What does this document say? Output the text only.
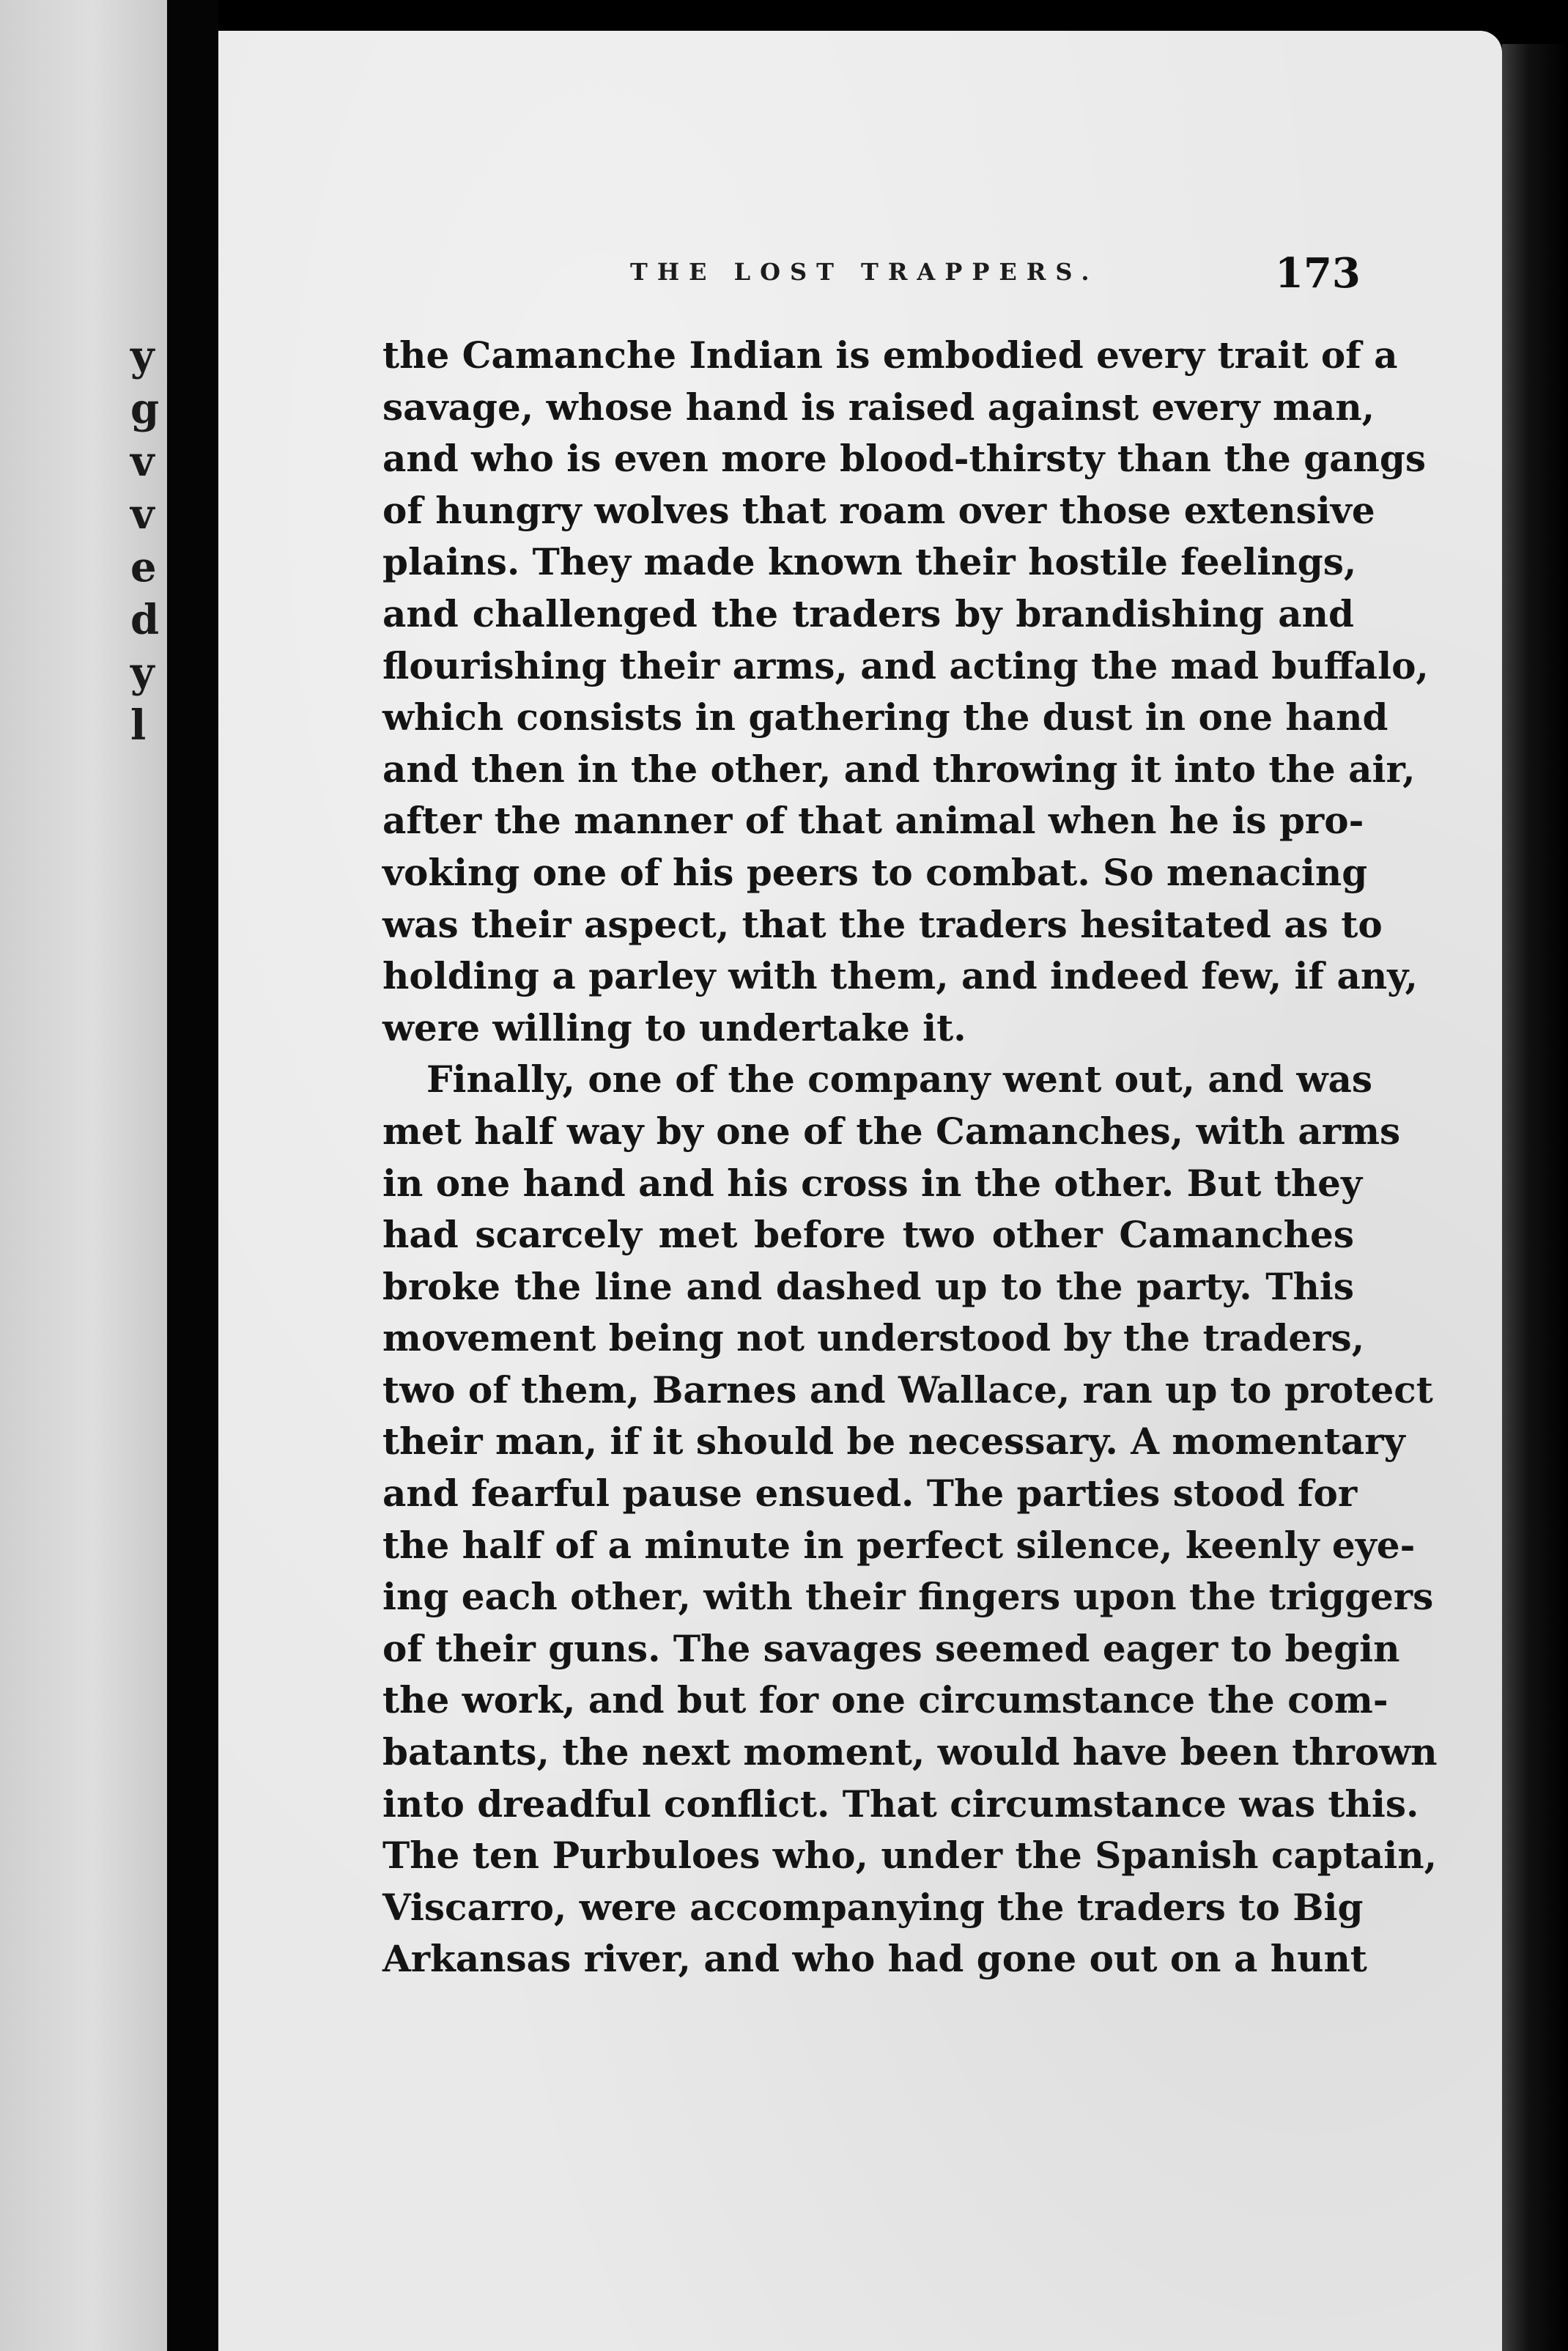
y
g
v
v
e
d
y
l
THE LOST TRAPPERS.	173
the Camanche Indian is embodied every trait of a
savage, whose hand is raised against every man,
and who is even more blood-thirsty than the gangs
of hungry wolves that roam over those extensive
plains. They made known their hostile feelings,
and challenged the traders by brandishing and
flourishing their arms, and acting the mad buffalo,
which consists in gathering the dust in one hand
and then in the other, and throwing it into the air,
after the manner of that animal when he is pro-
voking one of his peers to combat. So menacing
was their aspect, that the traders hesitated as to
holding a parley with them, and indeed few, if any,
were willing to undertake it.
Finally, one of the company went out, and was
met half way by one of the Camanches, with arms
in one hand and his cross in the other. But they
had scarcely met before two other Camanches
broke the line and dashed up to the party. This
movement being not understood by the traders,
two of them, Barnes and Wallace, ran up to protect
their man, if it should be necessary. A momentary
and fearful pause ensued. The parties stood for
the half of a minute in perfect silence, keenly eye-
ing each other, with their fingers upon the triggers
of their guns. The savages seemed eager to begin
the work, and but for one circumstance the com-
batants, the next moment, would have been thrown
into dreadful conflict. That circumstance was this.
The ten Purbuloes who, under the Spanish captain,
Viscarro, were accompanying the traders to Big
Arkansas river, and who had gone out on a hunt
